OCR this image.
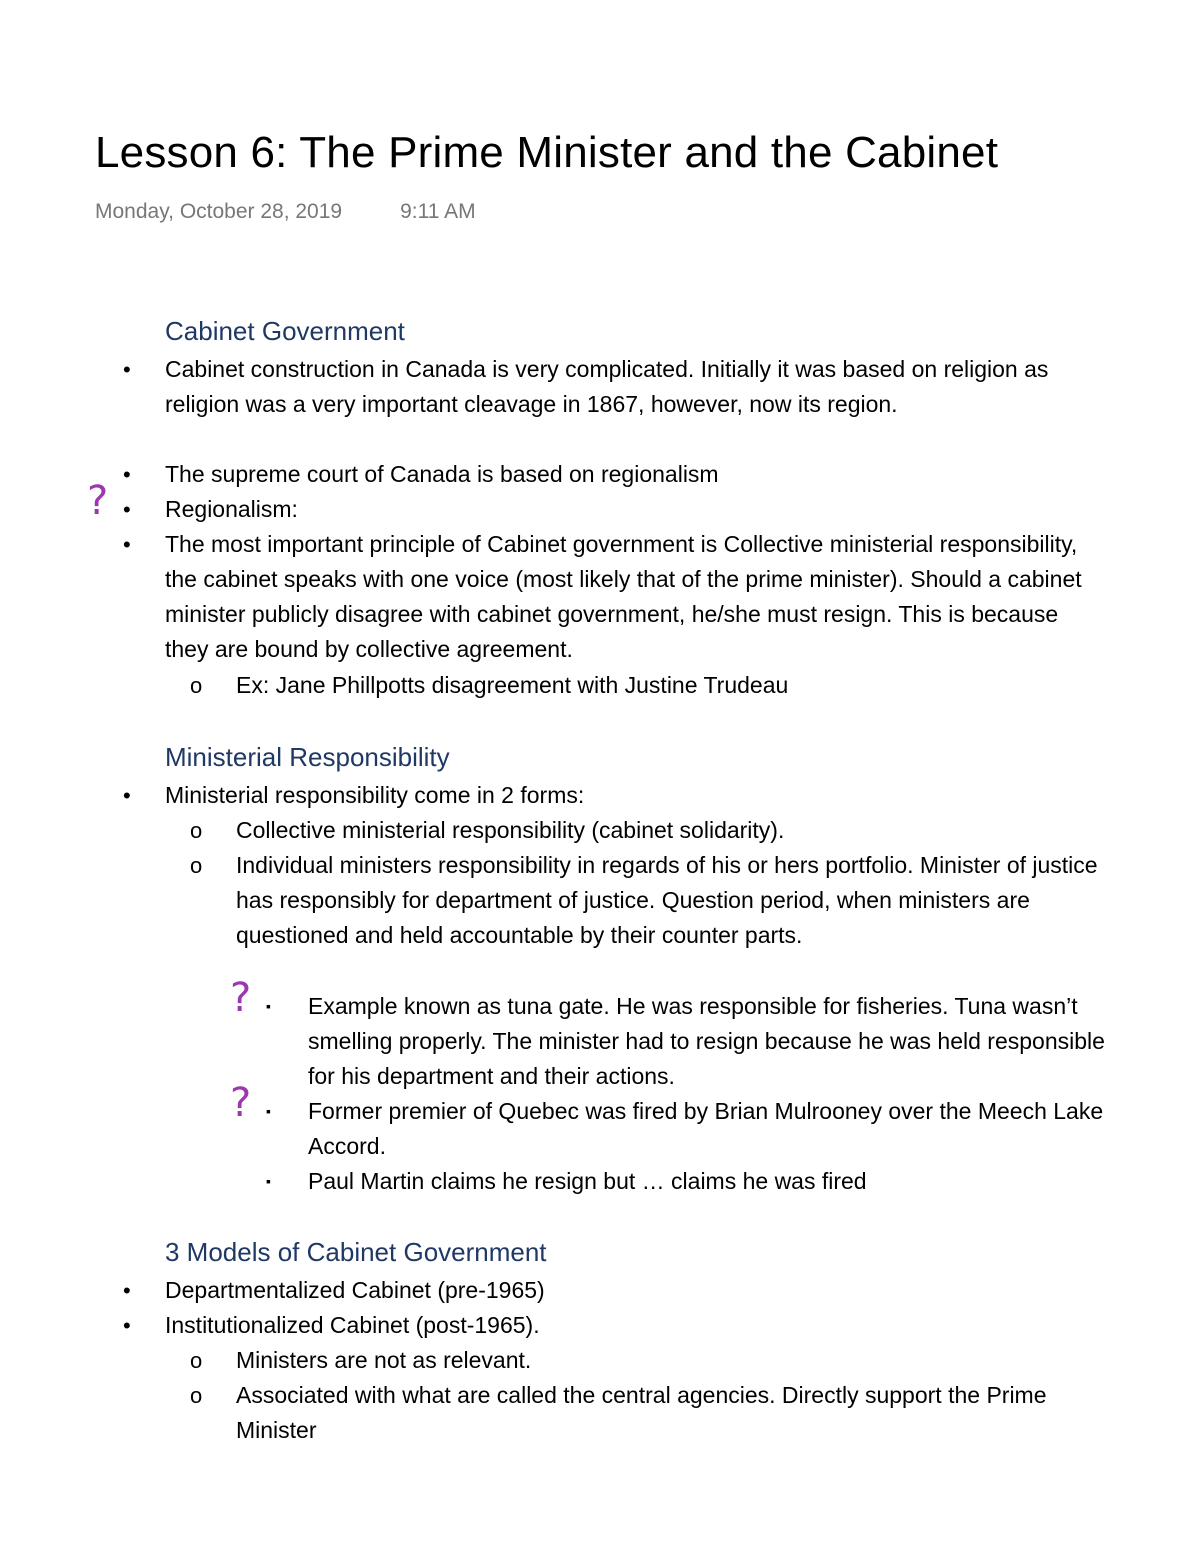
Lesson 6: The Prime Minister and the Cabinet
Monday, October 28, 2019	9:11 AM
Cabinet Government
• Cabinet construction in Canada is very complicated. Initially it was based on religion as religion was a very important cleavage in 1867, however, now its region.
• The supreme court of Canada is based on regionalism
? • Regionalism:
• The most important principle of Cabinet government is Collective ministerial responsibility, the cabinet speaks with one voice (most likely that of the prime minister). Should a cabinet minister publicly disagree with cabinet government, he/she must resign. This is because they are bound by collective agreement.
o Ex: Jane Phillpotts disagreement with Justine Trudeau
Ministerial Responsibility
• Ministerial responsibility come in 2 forms:
o Collective ministerial responsibility (cabinet solidarity).
o Individual ministers responsibility in regards of his or hers portfolio. Minister of justice has responsibly for department of justice. Question period, when ministers are questioned and held accountable by their counter parts.
? ▪ Example known as tuna gate. He was responsible for fisheries. Tuna wasn’t smelling properly. The minister had to resign because he was held responsible for his department and their actions.
? ▪ Former premier of Quebec was fired by Brian Mulrooney over the Meech Lake Accord.
▪ Paul Martin claims he resign but … claims he was fired
3 Models of Cabinet Government
• Departmentalized Cabinet (pre-1965)
• Institutionalized Cabinet (post-1965).
o Ministers are not as relevant.
o Associated with what are called the central agencies. Directly support the Prime Minister
